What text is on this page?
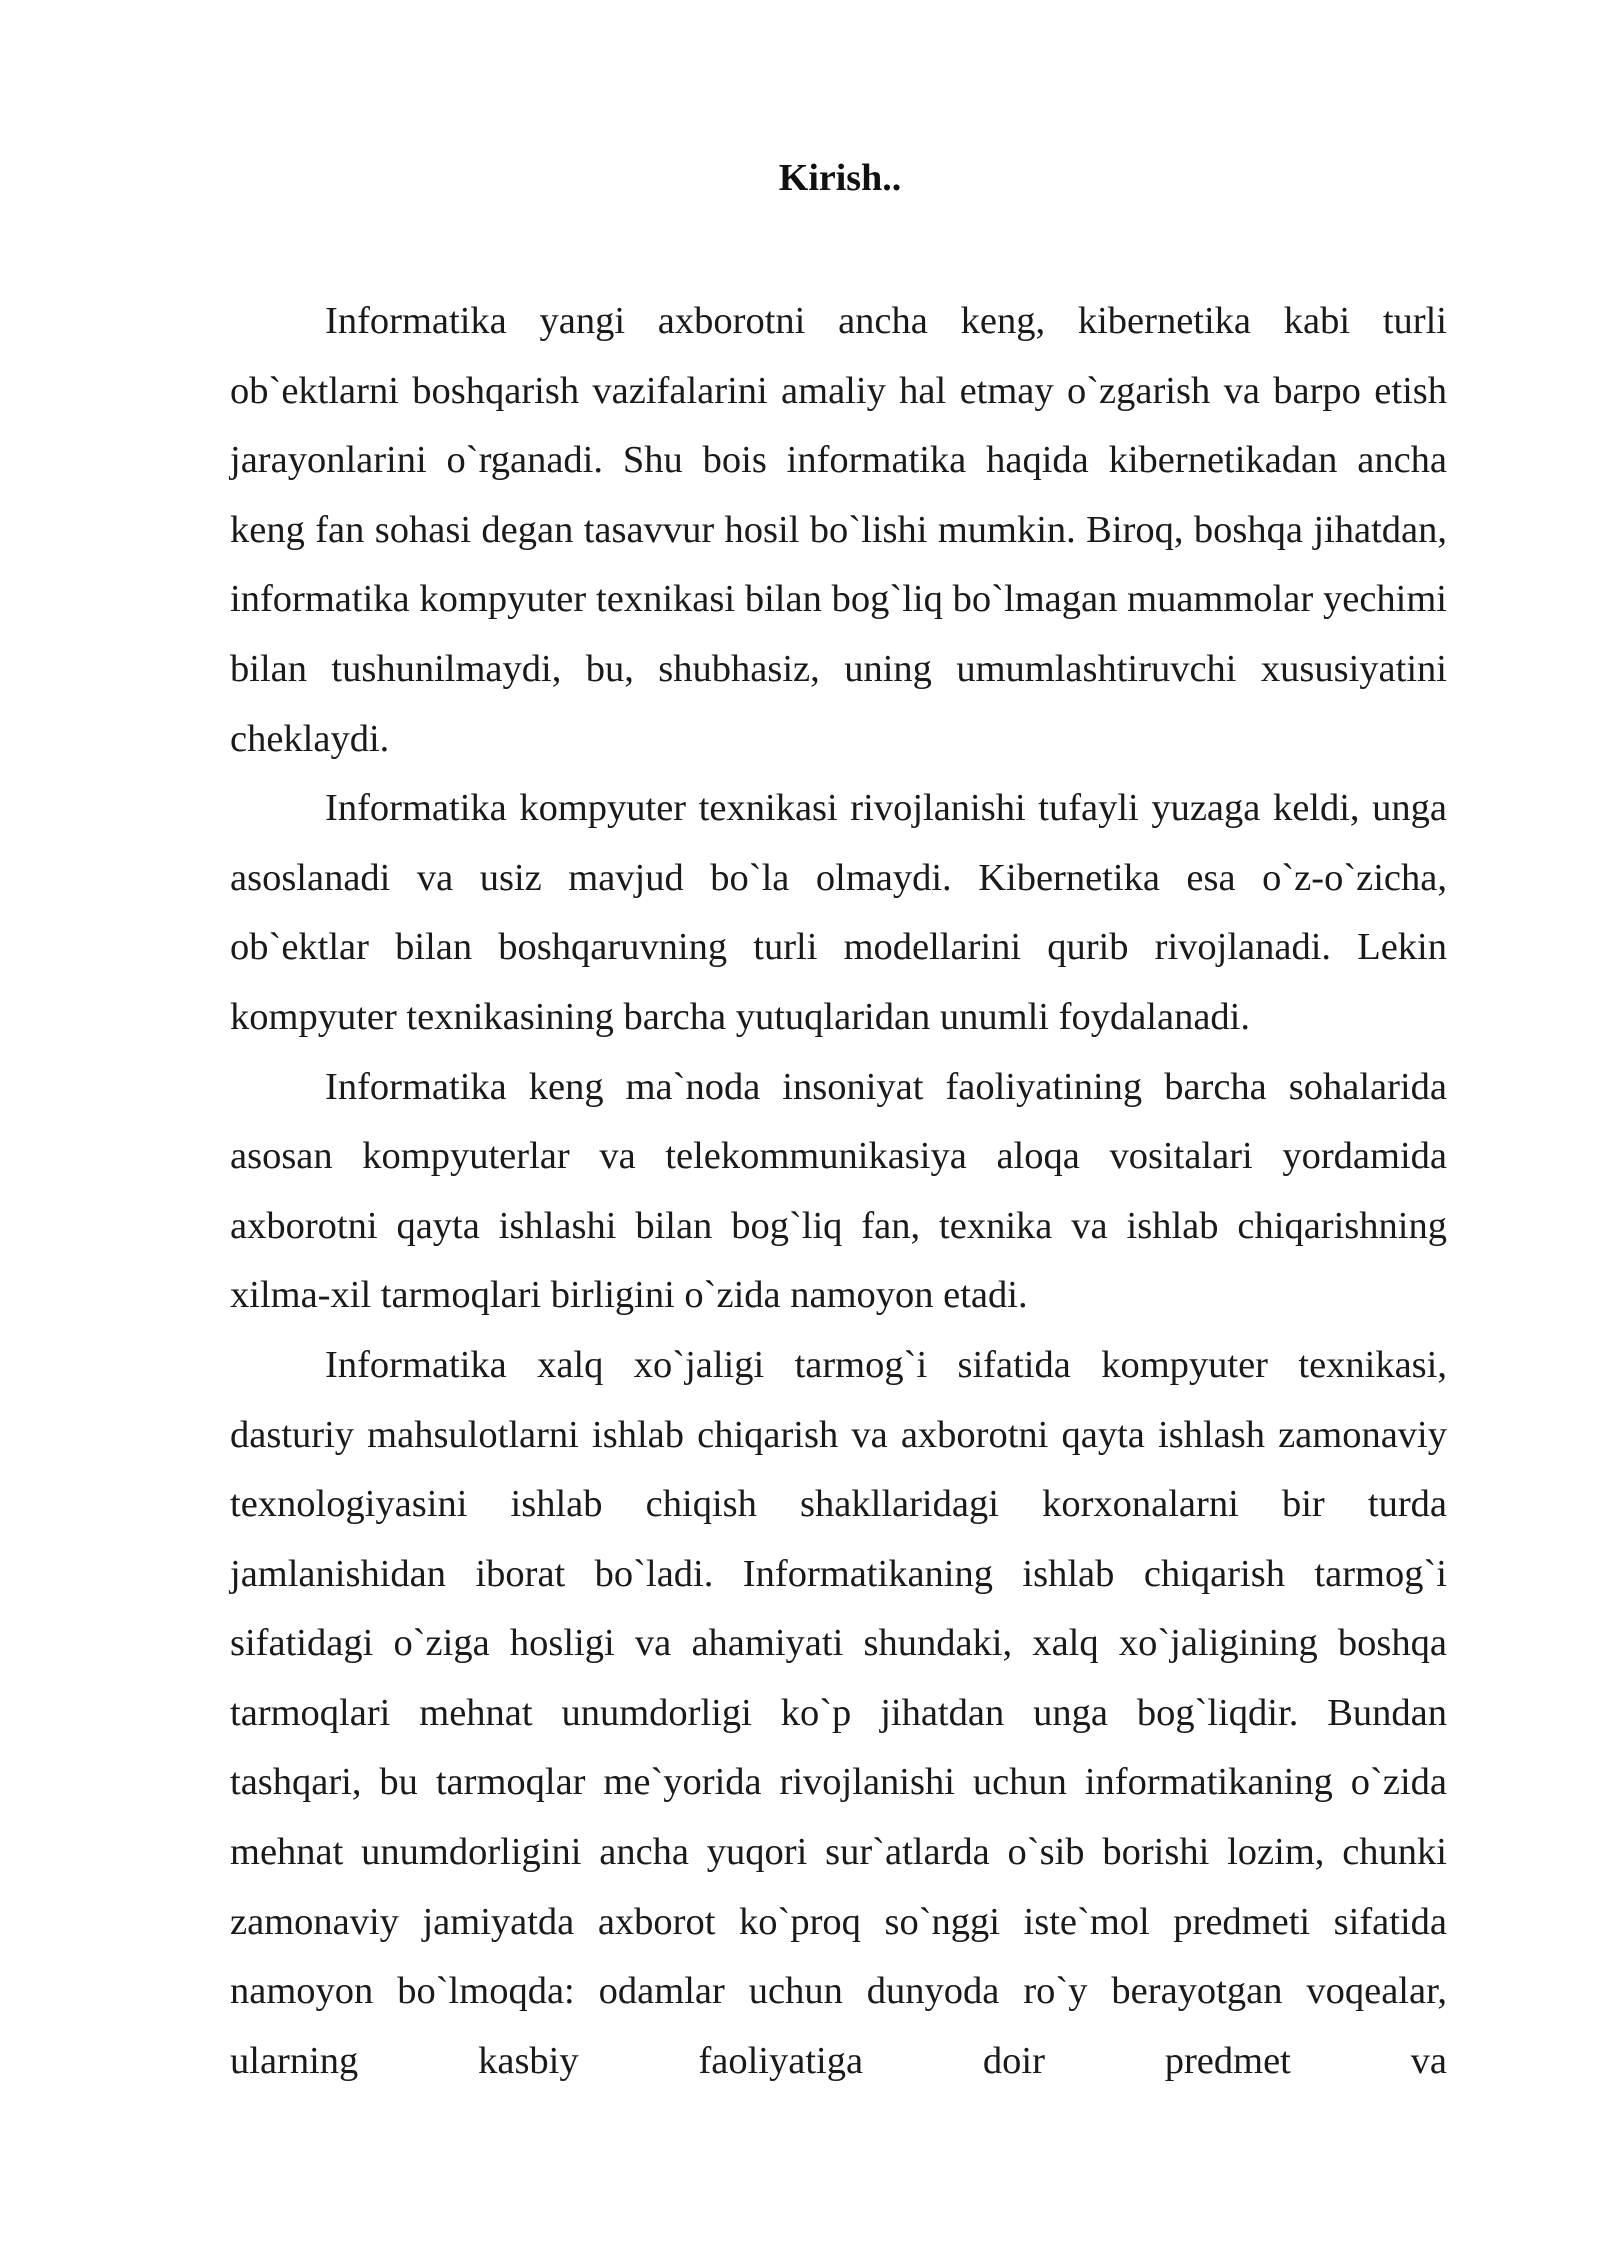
Kirish..

Informatika yangi axborotni ancha keng, kibernetika kabi turli ob`ektlarni boshqarish vazifalarini amaliy hal etmay o`zgarish va barpo etish jarayonlarini o`rganadi. Shu bois informatika haqida kibernetikadan ancha keng fan sohasi degan tasavvur hosil bo`lishi mumkin. Biroq, boshqa jihatdan, informatika kompyuter texnikasi bilan bog`liq bo`lmagan muammolar yechimi bilan tushunilmaydi, bu, shubhasiz, uning umumlashtiruvchi xususiyatini cheklaydi.

Informatika kompyuter texnikasi rivojlanishi tufayli yuzaga keldi, unga asoslanadi va usiz mavjud bo`la olmaydi. Kibernetika esa o`z-o`zicha, ob`ektlar bilan boshqaruvning turli modellarini qurib rivojlanadi. Lekin kompyuter texnikasining barcha yutuqlaridan unumli foydalanadi.

Informatika keng ma`noda insoniyat faoliyatining barcha sohalarida asosan kompyuterlar va telekommunikasiya aloqa vositalari yordamida axborotni qayta ishlashi bilan bog`liq fan, texnika va ishlab chiqarishning xilma-xil tarmoqlari birligini o`zida namoyon etadi.

Informatika xalq xo`jaligi tarmog`i sifatida kompyuter texnikasi, dasturiy mahsulotlarni ishlab chiqarish va axborotni qayta ishlash zamonaviy texnologiyasini ishlab chiqish shakllaridagi korxonalarni bir turda jamlanishidan iborat bo`ladi. Informatikaning ishlab chiqarish tarmog`i sifatidagi o`ziga hosligi va ahamiyati shundaki, xalq xo`jaligining boshqa tarmoqlari mehnat unumdorligi ko`p jihatdan unga bog`liqdir. Bundan tashqari, bu tarmoqlar me`yorida rivojlanishi uchun informatikaning o`zida mehnat unumdorligini ancha yuqori sur`atlarda o`sib borishi lozim, chunki zamonaviy jamiyatda axborot ko`proq so`nggi iste`mol predmeti sifatida namoyon bo`lmoqda: odamlar uchun dunyoda ro`y berayotgan voqealar, ularning kasbiy faoliyatiga doir predmet va
